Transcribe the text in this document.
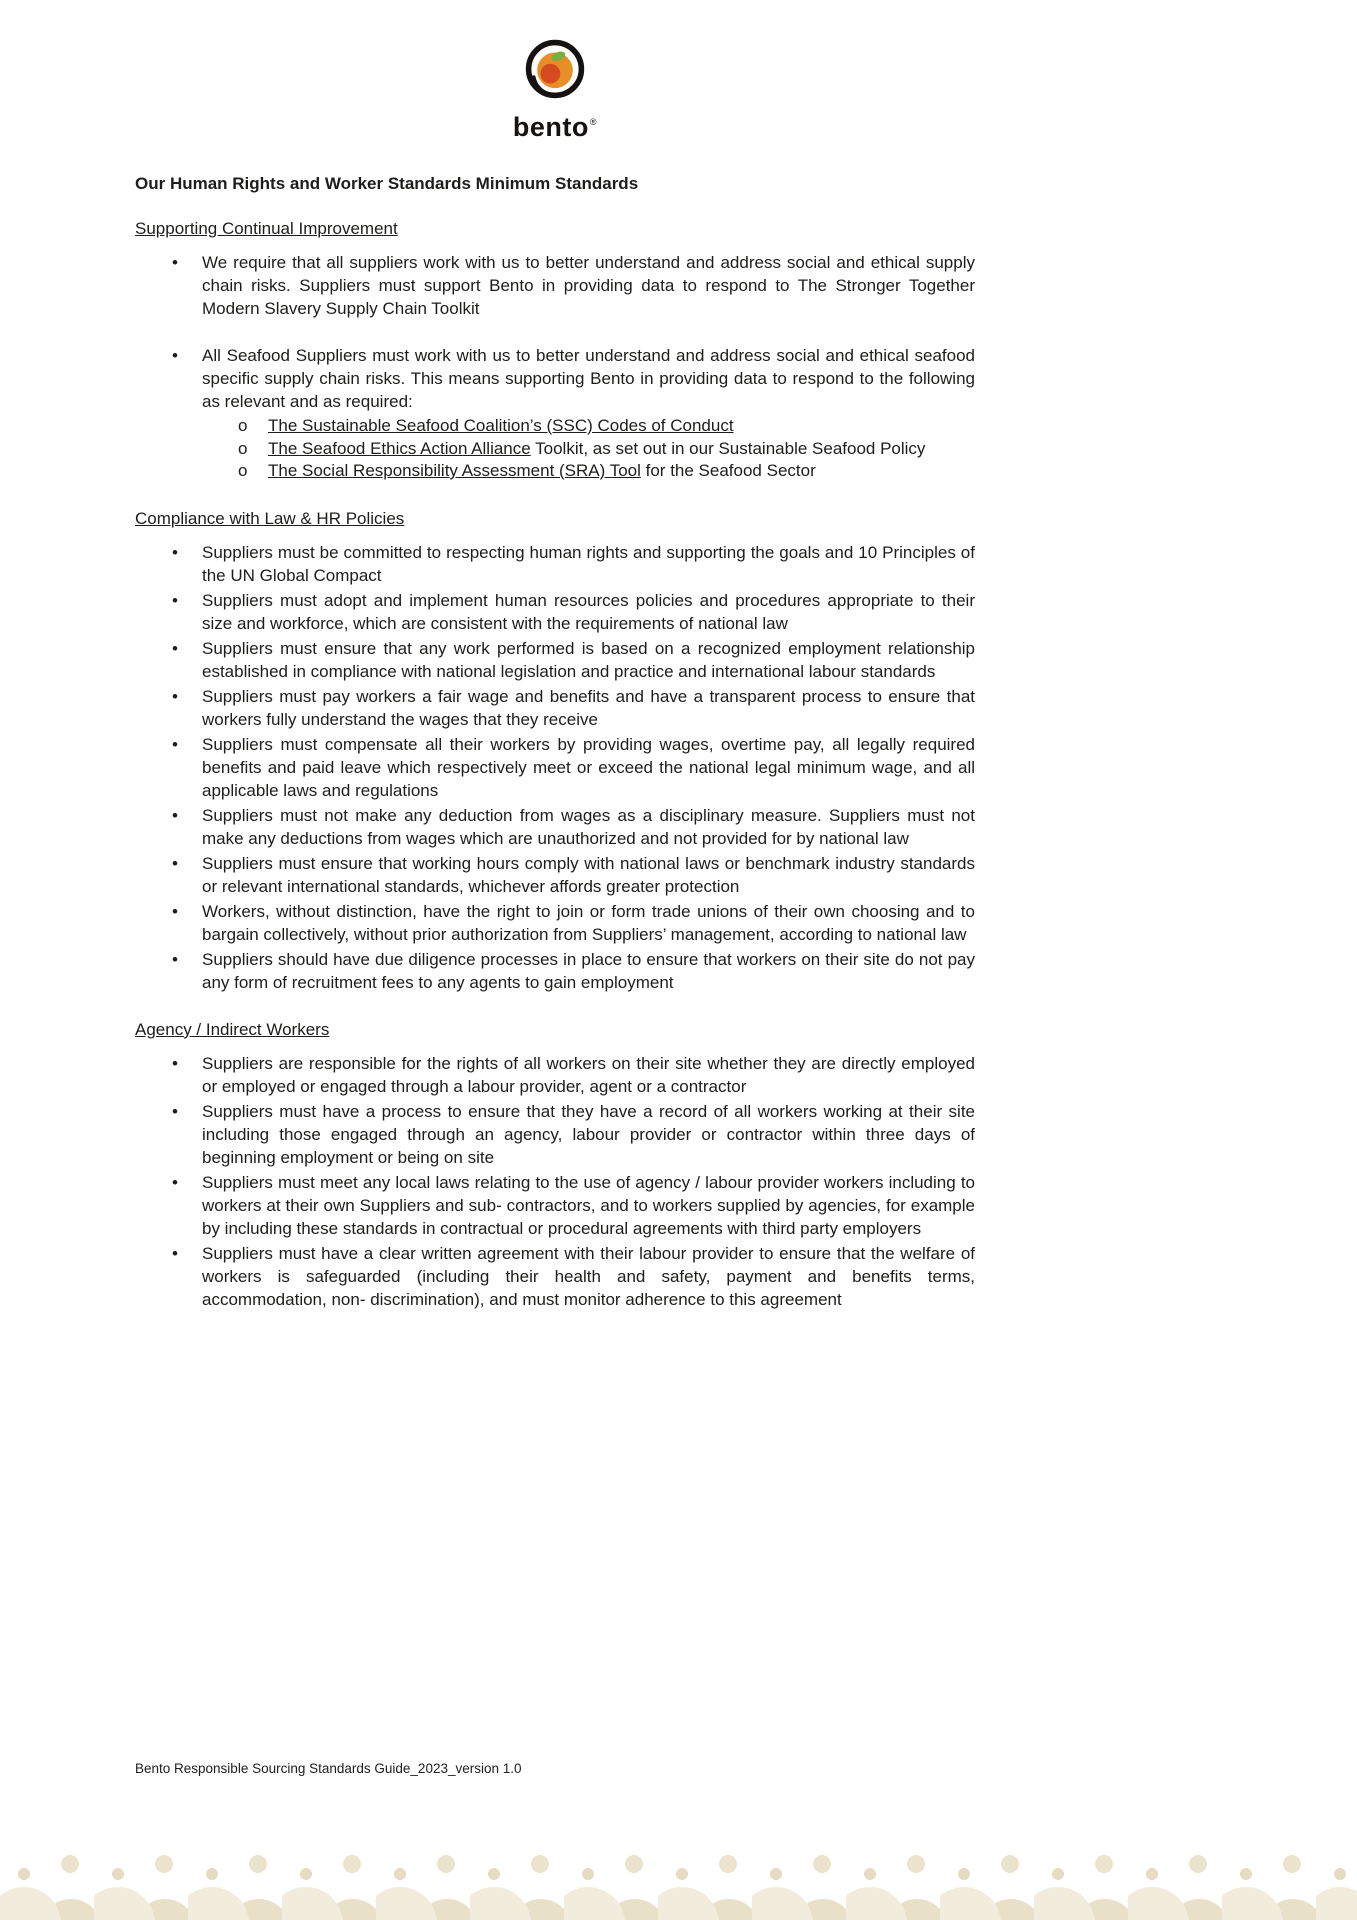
bento®
Our Human Rights and Worker Standards Minimum Standards
Supporting Continual Improvement
•	We require that all suppliers work with us to better understand and address social and ethical supply chain risks. Suppliers must support Bento in providing data to respond to The Stronger Together Modern Slavery Supply Chain Toolkit
•	All Seafood Suppliers must work with us to better understand and address social and ethical seafood specific supply chain risks. This means supporting Bento in providing data to respond to the following as relevant and as required:
o	The Sustainable Seafood Coalition’s (SSC) Codes of Conduct
o	The Seafood Ethics Action Alliance Toolkit, as set out in our Sustainable Seafood Policy
o	The Social Responsibility Assessment (SRA) Tool for the Seafood Sector
Compliance with Law & HR Policies
•	Suppliers must be committed to respecting human rights and supporting the goals and 10 Principles of the UN Global Compact
•	Suppliers must adopt and implement human resources policies and procedures appropriate to their size and workforce, which are consistent with the requirements of national law
•	Suppliers must ensure that any work performed is based on a recognized employment relationship established in compliance with national legislation and practice and international labour standards
•	Suppliers must pay workers a fair wage and benefits and have a transparent process to ensure that workers fully understand the wages that they receive
•	Suppliers must compensate all their workers by providing wages, overtime pay, all legally required benefits and paid leave which respectively meet or exceed the national legal minimum wage, and all applicable laws and regulations
•	Suppliers must not make any deduction from wages as a disciplinary measure. Suppliers must not make any deductions from wages which are unauthorized and not provided for by national law
•	Suppliers must ensure that working hours comply with national laws or benchmark industry standards or relevant international standards, whichever affords greater protection
•	Workers, without distinction, have the right to join or form trade unions of their own choosing and to bargain collectively, without prior authorization from Suppliers’ management, according to national law
•	Suppliers should have due diligence processes in place to ensure that workers on their site do not pay any form of recruitment fees to any agents to gain employment
Agency / Indirect Workers
•	Suppliers are responsible for the rights of all workers on their site whether they are directly employed or employed or engaged through a labour provider, agent or a contractor
•	Suppliers must have a process to ensure that they have a record of all workers working at their site including those engaged through an agency, labour provider or contractor within three days of beginning employment or being on site
•	Suppliers must meet any local laws relating to the use of agency / labour provider workers including to workers at their own Suppliers and sub- contractors, and to workers supplied by agencies, for example by including these standards in contractual or procedural agreements with third party employers
•	Suppliers must have a clear written agreement with their labour provider to ensure that the welfare of workers is safeguarded (including their health and safety, payment and benefits terms, accommodation, non- discrimination), and must monitor adherence to this agreement
Bento Responsible Sourcing Standards Guide_2023_version 1.0
